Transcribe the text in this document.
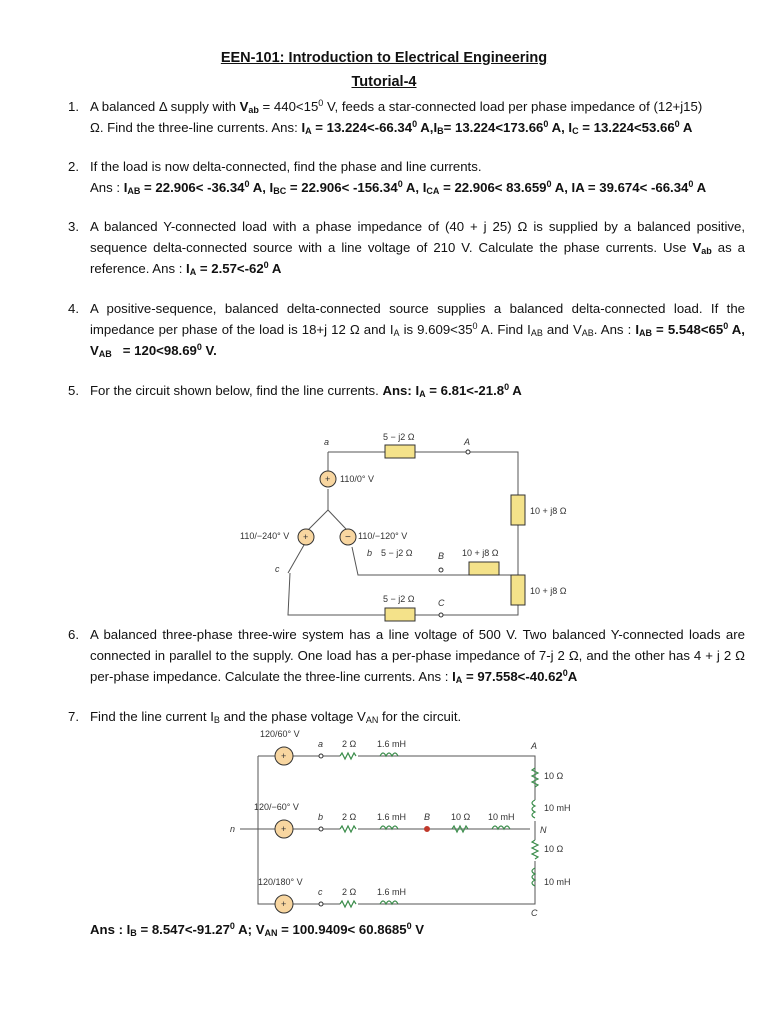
EEN-101: Introduction to Electrical Engineering
Tutorial-4
1. A balanced Δ supply with $V_{ab} = 440<15^0$ V, feeds a star-connected load per phase impedance of (12+j15)
Ω. Find the three-line currents. Ans: $I_A = 13.224<-66.34^0$ $A,I_B= 13.224<173.66^0$ A, $I_C = 13.224<53.66^0$ A
2. If the load is now delta-connected, find the phase and line currents.
Ans : $I_{AB} = 22.906< -36.34^0$ A, $I_{BC} = 22.906< -156.34^0$ A, $I_{CA} = 22.906< 83.659^0$ A, IA = $39.674< -66.34^0$ A
3. A balanced Y-connected load with a phase impedance of (40 + j 25) Ω is supplied by a balanced positive, sequence delta-connected source with a line voltage of 210 V. Calculate the phase currents. Use $V_{ab}$ as a reference. Ans : $I_A = 2.57<-62^0$ A
4. A positive-sequence, balanced delta-connected source supplies a balanced delta-connected load. If the impedance per phase of the load is 18+j 12 Ω and $I_A$ is $9.609<35^0$ A. Find $I_{AB}$ and $V_{AB}$. Ans : $I_{AB} = 5.548<65^0$ A, $V_{AB} = 120<98.69^0$ V.
5. For the circuit shown below, find the line currents. Ans: $I_A = 6.81<-21.8^0$ A
+
−
+
a	A
5 − j2 Ω
110/0° V
110/−120° V
110/−240° V
b 5 − j2 Ω	B 10 + j8 Ω
10 + j8 Ω
10 + j8 Ω
c
5 − j2 Ω	C
6. A balanced three-phase three-wire system has a line voltage of 500 V. Two balanced Y-connected loads are connected in parallel to the supply. One load has a per-phase impedance of 7-j 2 Ω, and the other has 4 + j 2 Ω per-phase impedance. Calculate the three-line currents. Ans : $I_A = 97.558<-40.62^0A$
7. Find the line current $I_B$ and the phase voltage $V_{AN}$ for the circuit.
+
+
+
120/60° V
120/−60° V
120/180° V
a
b
c
n
2 Ω 1.6 mH
2 Ω 1.6 mH
2 Ω 1.6 mH
B 10 Ω 10 mH
A
10 Ω
10 mH
N
10 Ω
10 mH
C
Ans : $I_B = 8.547<-91.27^0$ A; $V_{AN} = 100.9409< 60.8685^0$ V
